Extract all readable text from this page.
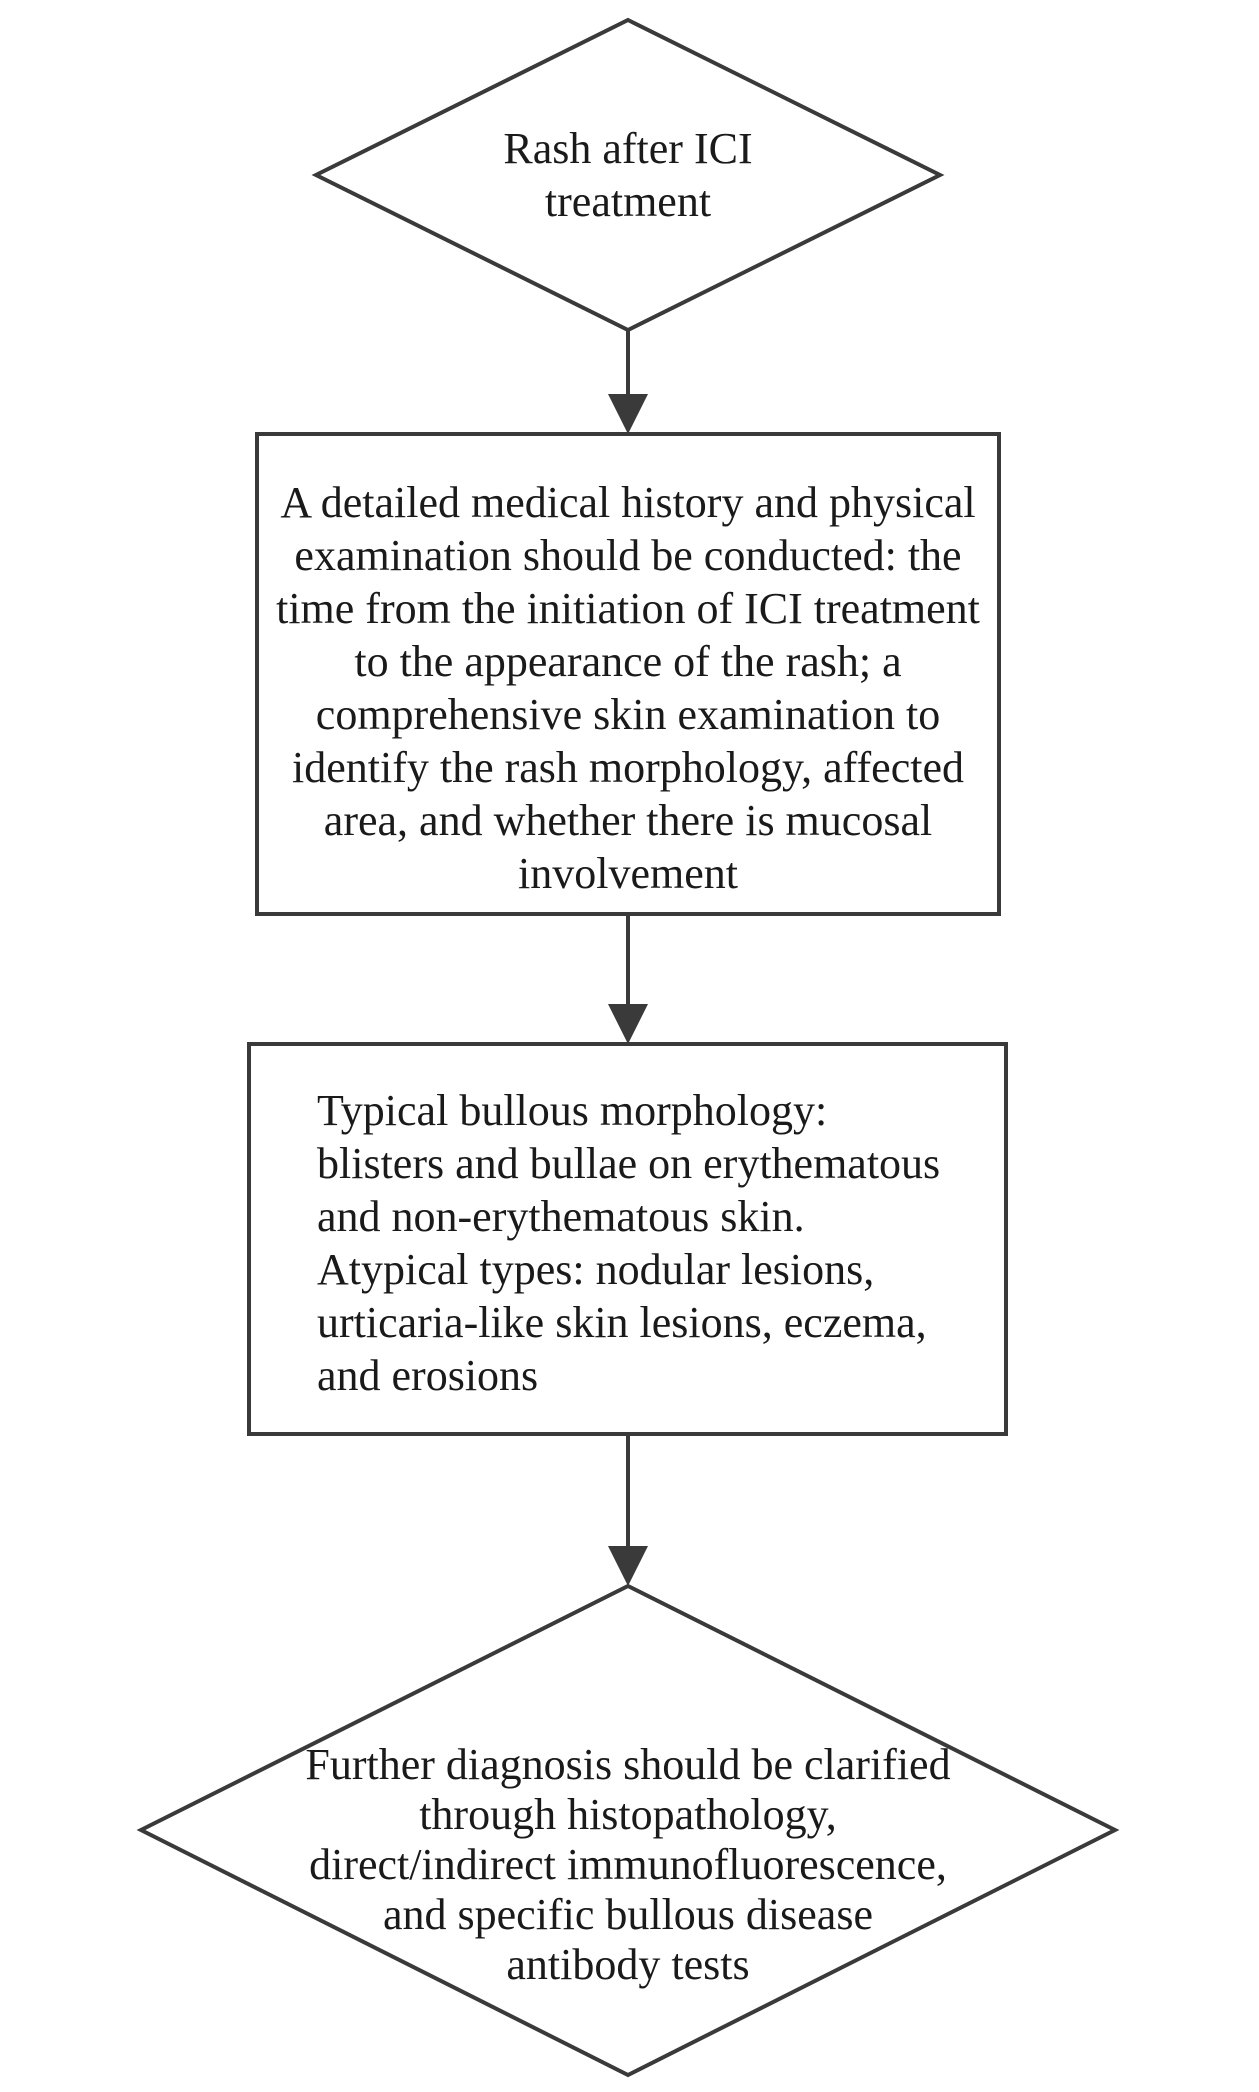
Rash after ICI
treatment
A detailed medical history and physical
examination should be conducted: the
time from the initiation of ICI treatment
to the appearance of the rash; a
comprehensive skin examination to
identify the rash morphology, affected
area, and whether there is mucosal
involvement
Typical bullous morphology:
blisters and bullae on erythematous
and non-erythematous skin.
Atypical types: nodular lesions,
urticaria-like skin lesions, eczema,
and erosions
Further diagnosis should be clarified
through histopathology,
direct/indirect immunofluorescence,
and specific bullous disease
antibody tests
